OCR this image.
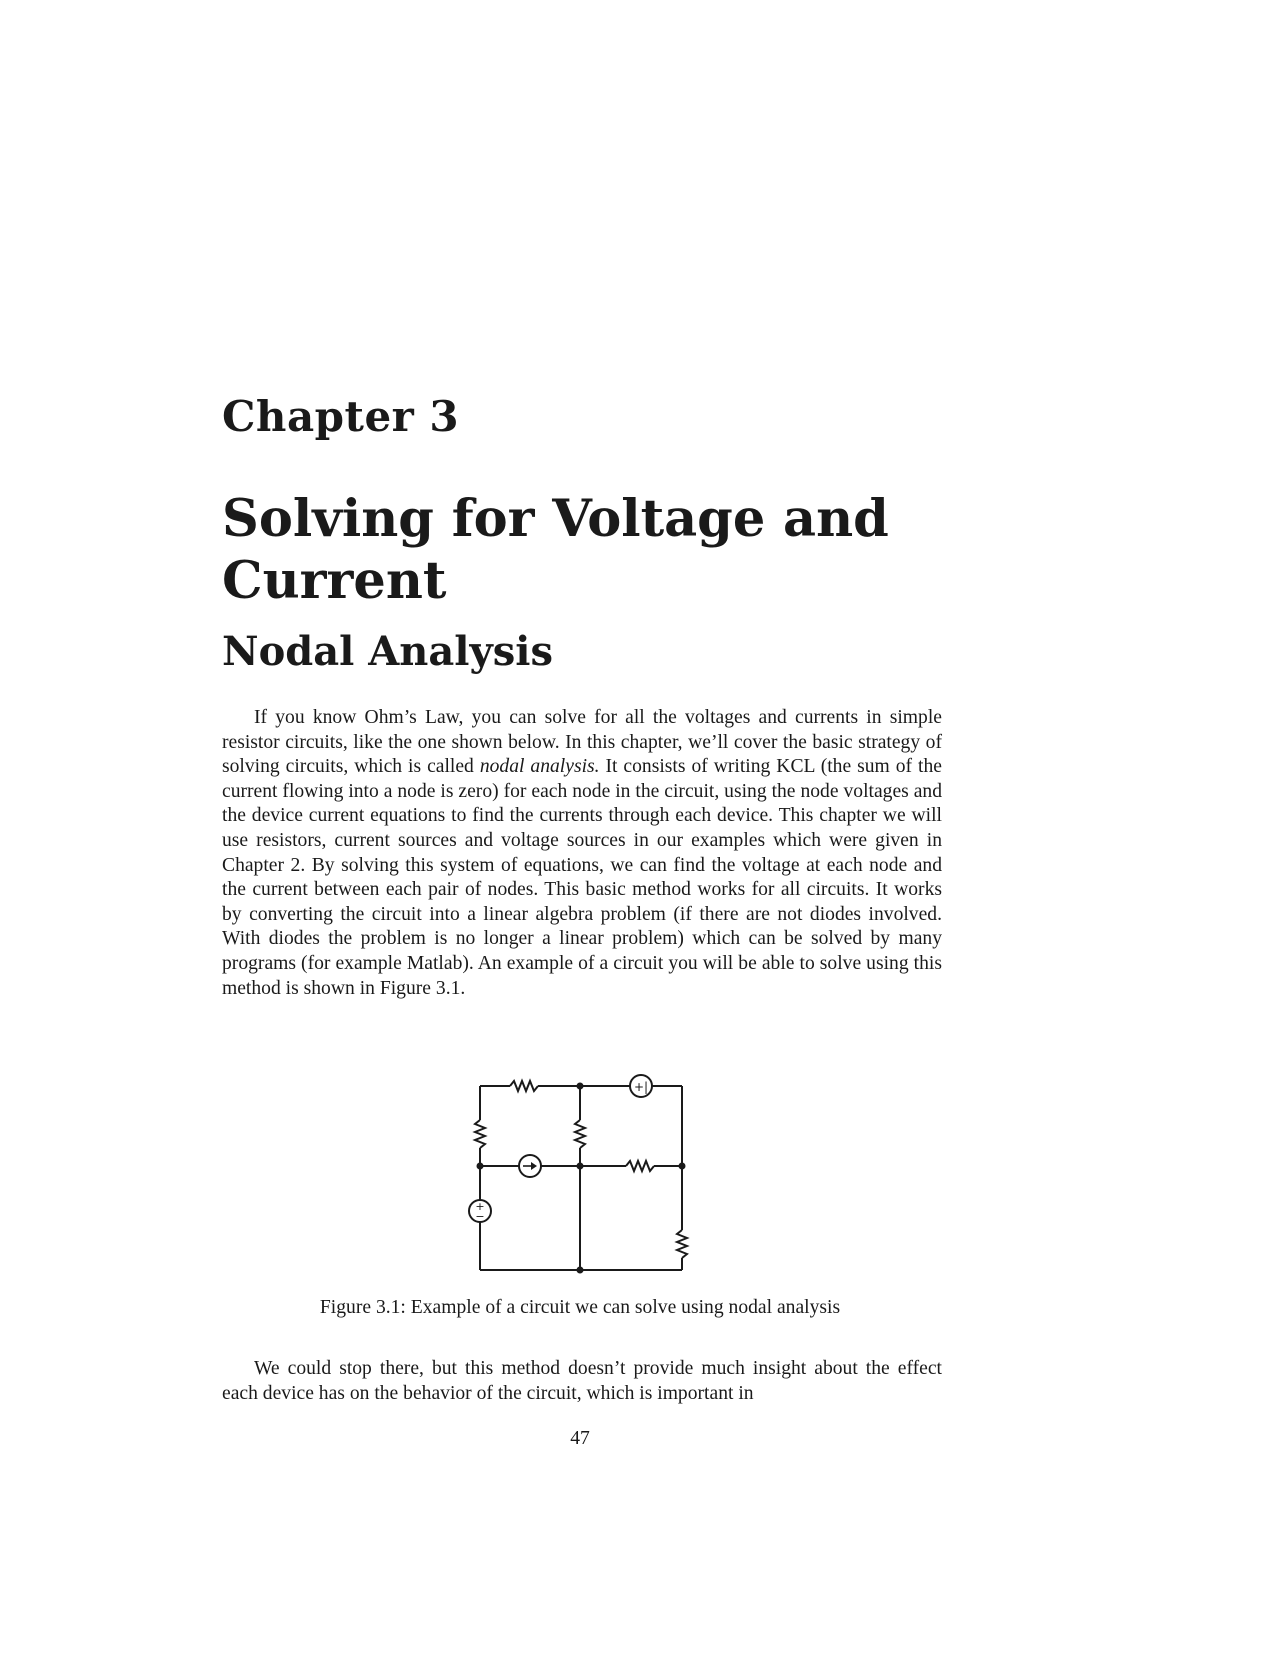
Chapter 3
Solving for Voltage and Current
Nodal Analysis

If you know Ohm’s Law, you can solve for all the voltages and currents in simple resistor circuits, like the one shown below. In this chapter, we’ll cover the basic strategy of solving circuits, which is called nodal analysis. It consists of writing KCL (the sum of the current flowing into a node is zero) for each node in the circuit, using the node voltages and the device current equations to find the currents through each device. This chapter we will use resistors, current sources and voltage sources in our examples which were given in Chapter 2. By solving this system of equations, we can find the voltage at each node and the current between each pair of nodes. This basic method works for all circuits. It works by converting the circuit into a linear algebra problem (if there are not diodes involved. With diodes the problem is no longer a linear problem) which can be solved by many programs (for example Matlab). An example of a circuit you will be able to solve using this method is shown in Figure 3.1.

+|
+
−

Figure 3.1: Example of a circuit we can solve using nodal analysis

We could stop there, but this method doesn’t provide much insight about the effect each device has on the behavior of the circuit, which is important in

47
